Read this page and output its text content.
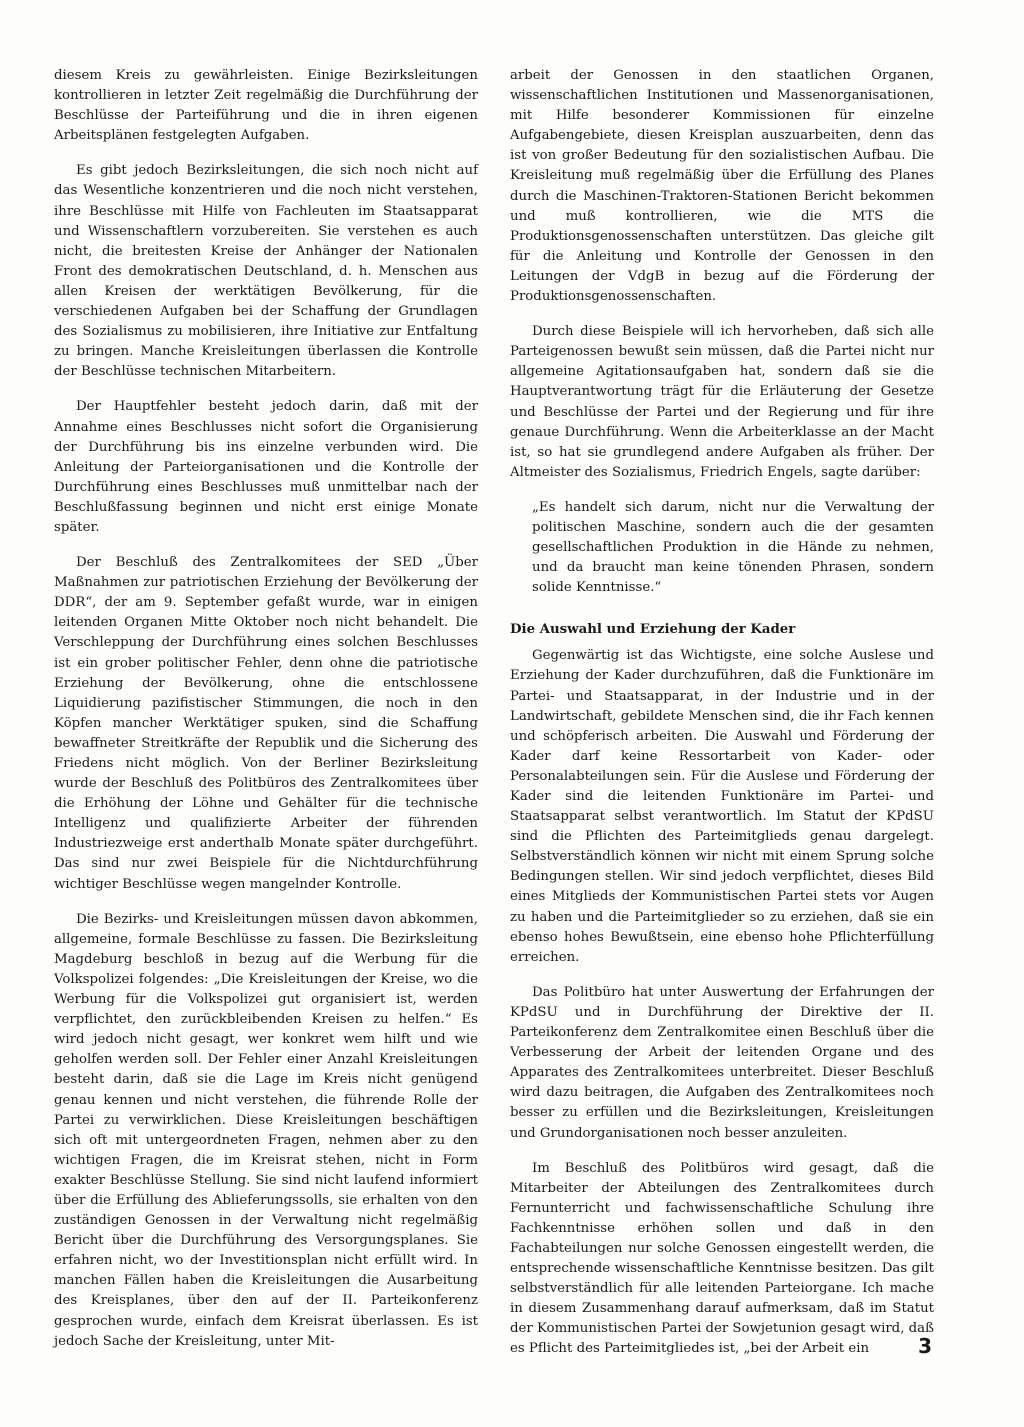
diesem Kreis zu gewährleisten. Einige Bezirksleitungen kontrollieren in letzter Zeit regelmäßig die Durchführung der Beschlüsse der Parteiführung und die in ihren eigenen Arbeitsplänen festgelegten Aufgaben.

Es gibt jedoch Bezirksleitungen, die sich noch nicht auf das Wesentliche konzentrieren und die noch nicht verstehen, ihre Beschlüsse mit Hilfe von Fachleuten im Staatsapparat und Wissenschaftlern vorzubereiten. Sie verstehen es auch nicht, die breitesten Kreise der Anhänger der Nationalen Front des demokratischen Deutschland, d. h. Menschen aus allen Kreisen der werktätigen Bevölkerung, für die verschiedenen Aufgaben bei der Schaffung der Grundlagen des Sozialismus zu mobilisieren, ihre Initiative zur Entfaltung zu bringen. Manche Kreisleitungen überlassen die Kontrolle der Beschlüsse technischen Mitarbeitern.

Der Hauptfehler besteht jedoch darin, daß mit der Annahme eines Beschlusses nicht sofort die Organisierung der Durchführung bis ins einzelne verbunden wird. Die Anleitung der Parteiorganisationen und die Kontrolle der Durchführung eines Beschlusses muß unmittelbar nach der Beschlußfassung beginnen und nicht erst einige Monate später.

Der Beschluß des Zentralkomitees der SED „Über Maßnahmen zur patriotischen Erziehung der Bevölkerung der DDR“, der am 9. September gefaßt wurde, war in einigen leitenden Organen Mitte Oktober noch nicht behandelt. Die Verschleppung der Durchführung eines solchen Beschlusses ist ein grober politischer Fehler, denn ohne die patriotische Erziehung der Bevölkerung, ohne die entschlossene Liquidierung pazifistischer Stimmungen, die noch in den Köpfen mancher Werktätiger spuken, sind die Schaffung bewaffneter Streitkräfte der Republik und die Sicherung des Friedens nicht möglich. Von der Berliner Bezirksleitung wurde der Beschluß des Politbüros des Zentralkomitees über die Erhöhung der Löhne und Gehälter für die technische Intelligenz und qualifizierte Arbeiter der führenden Industriezweige erst anderthalb Monate später durchgeführt. Das sind nur zwei Beispiele für die Nichtdurchführung wichtiger Beschlüsse wegen mangelnder Kontrolle.

Die Bezirks- und Kreisleitungen müssen davon abkommen, allgemeine, formale Beschlüsse zu fassen. Die Bezirksleitung Magdeburg beschloß in bezug auf die Werbung für die Volkspolizei folgendes: „Die Kreisleitungen der Kreise, wo die Werbung für die Volkspolizei gut organisiert ist, werden verpflichtet, den zurückbleibenden Kreisen zu helfen.“ Es wird jedoch nicht gesagt, wer konkret wem hilft und wie geholfen werden soll. Der Fehler einer Anzahl Kreisleitungen besteht darin, daß sie die Lage im Kreis nicht genügend genau kennen und nicht verstehen, die führende Rolle der Partei zu verwirklichen. Diese Kreisleitungen beschäftigen sich oft mit untergeordneten Fragen, nehmen aber zu den wichtigen Fragen, die im Kreisrat stehen, nicht in Form exakter Beschlüsse Stellung. Sie sind nicht laufend informiert über die Erfüllung des Ablieferungssolls, sie erhalten von den zuständigen Genossen in der Verwaltung nicht regelmäßig Bericht über die Durchführung des Versorgungsplanes. Sie erfahren nicht, wo der Investitionsplan nicht erfüllt wird. In manchen Fällen haben die Kreisleitungen die Ausarbeitung des Kreisplanes, über den auf der II. Parteikonferenz gesprochen wurde, einfach dem Kreisrat überlassen. Es ist jedoch Sache der Kreisleitung, unter Mit-

arbeit der Genossen in den staatlichen Organen, wissenschaftlichen Institutionen und Massenorganisationen, mit Hilfe besonderer Kommissionen für einzelne Aufgabengebiete, diesen Kreisplan auszuarbeiten, denn das ist von großer Bedeutung für den sozialistischen Aufbau. Die Kreisleitung muß regelmäßig über die Erfüllung des Planes durch die Maschinen-Traktoren-Stationen Bericht bekommen und muß kontrollieren, wie die MTS die Produktionsgenossenschaften unterstützen. Das gleiche gilt für die Anleitung und Kontrolle der Genossen in den Leitungen der VdgB in bezug auf die Förderung der Produktionsgenossenschaften.

Durch diese Beispiele will ich hervorheben, daß sich alle Parteigenossen bewußt sein müssen, daß die Partei nicht nur allgemeine Agitationsaufgaben hat, sondern daß sie die Hauptverantwortung trägt für die Erläuterung der Gesetze und Beschlüsse der Partei und der Regierung und für ihre genaue Durchführung. Wenn die Arbeiterklasse an der Macht ist, so hat sie grundlegend andere Aufgaben als früher. Der Altmeister des Sozialismus, Friedrich Engels, sagte darüber:

„Es handelt sich darum, nicht nur die Verwaltung der politischen Maschine, sondern auch die der gesamten gesellschaftlichen Produktion in die Hände zu nehmen, und da braucht man keine tönenden Phrasen, sondern solide Kenntnisse.“

Die Auswahl und Erziehung der Kader

Gegenwärtig ist das Wichtigste, eine solche Auslese und Erziehung der Kader durchzuführen, daß die Funktionäre im Partei- und Staatsapparat, in der Industrie und in der Landwirtschaft, gebildete Menschen sind, die ihr Fach kennen und schöpferisch arbeiten. Die Auswahl und Förderung der Kader darf keine Ressortarbeit von Kader- oder Personalabteilungen sein. Für die Auslese und Förderung der Kader sind die leitenden Funktionäre im Partei- und Staatsapparat selbst verantwortlich. Im Statut der KPdSU sind die Pflichten des Parteimitglieds genau dargelegt. Selbstverständlich können wir nicht mit einem Sprung solche Bedingungen stellen. Wir sind jedoch verpflichtet, dieses Bild eines Mitglieds der Kommunistischen Partei stets vor Augen zu haben und die Parteimitglieder so zu erziehen, daß sie ein ebenso hohes Bewußtsein, eine ebenso hohe Pflichterfüllung erreichen.

Das Politbüro hat unter Auswertung der Erfahrungen der KPdSU und in Durchführung der Direktive der II. Parteikonferenz dem Zentralkomitee einen Beschluß über die Verbesserung der Arbeit der leitenden Organe und des Apparates des Zentralkomitees unterbreitet. Dieser Beschluß wird dazu beitragen, die Aufgaben des Zentralkomitees noch besser zu erfüllen und die Bezirksleitungen, Kreisleitungen und Grundorganisationen noch besser anzuleiten.

Im Beschluß des Politbüros wird gesagt, daß die Mitarbeiter der Abteilungen des Zentralkomitees durch Fernunterricht und fachwissenschaftliche Schulung ihre Fachkenntnisse erhöhen sollen und daß in den Fachabteilungen nur solche Genossen eingestellt werden, die entsprechende wissenschaftliche Kenntnisse besitzen. Das gilt selbstverständlich für alle leitenden Parteiorgane. Ich mache in diesem Zusammenhang darauf aufmerksam, daß im Statut der Kommunistischen Partei der Sowjetunion gesagt wird, daß es Pflicht des Parteimitgliedes ist, „bei der Arbeit ein	3
